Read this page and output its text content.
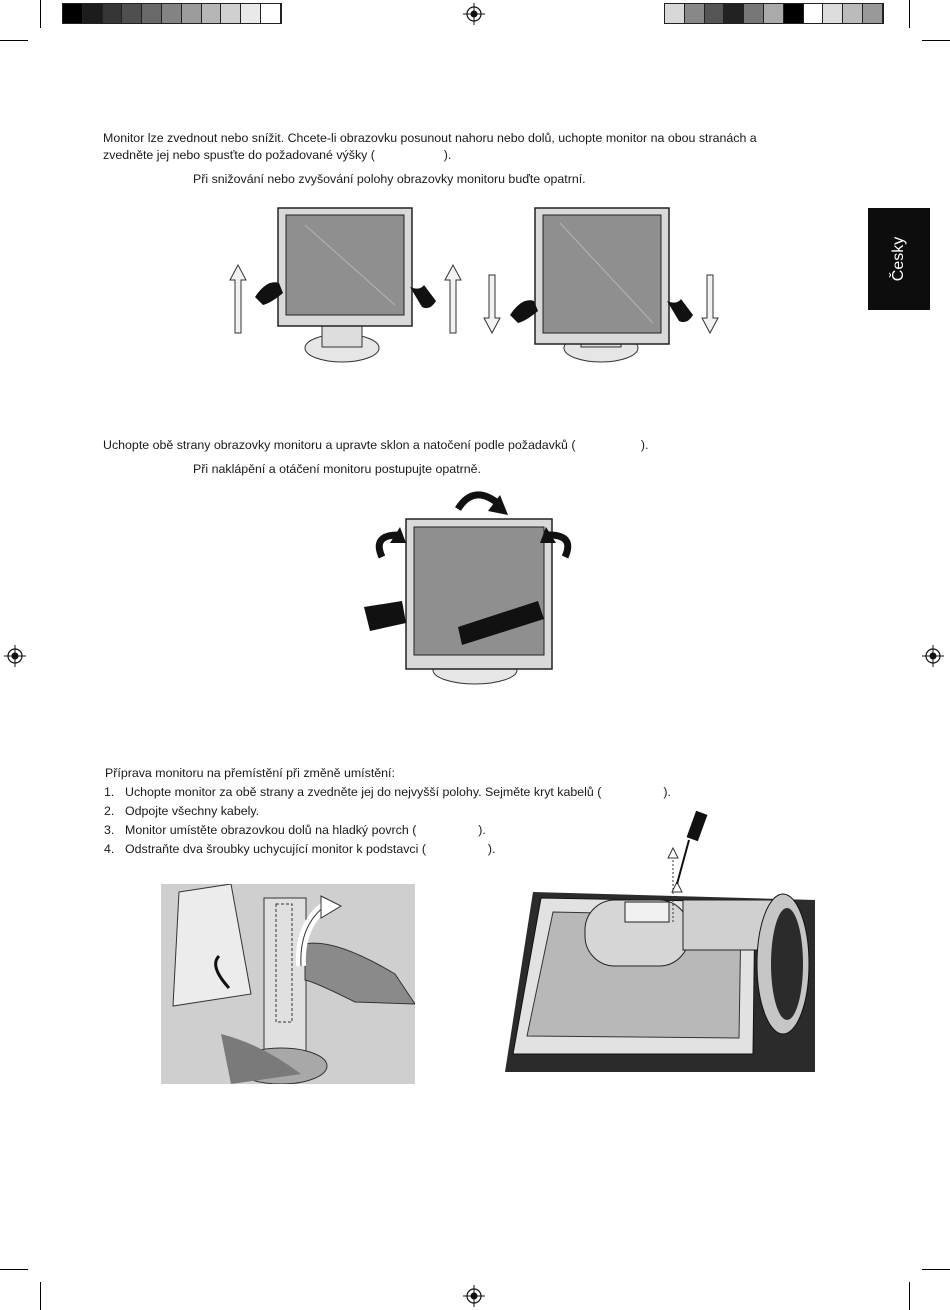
Česky
Monitor lze zvednout nebo snížit. Chcete-li obrazovku posunout nahoru nebo dolů, uchopte monitor na obou stranách a
zvedněte jej nebo spusťte do požadované výšky (                    ).
Při snižování nebo zvyšování polohy obrazovky monitoru buďte opatrní.
Uchopte obě strany obrazovky monitoru a upravte sklon a natočení podle požadavků (                   ).
Při naklápění a otáčení monitoru postupujte opatrně.
Příprava monitoru na přemístění při změně umístění:
1. Uchopte monitor za obě strany a zvedněte jej do nejvyšší polohy. Sejměte kryt kabelů (                  ).
2. Odpojte všechny kabely.
3. Monitor umístěte obrazovkou dolů na hladký povrch (                  ).
4. Odstraňte dva šroubky uchycující monitor k podstavci (                  ).
